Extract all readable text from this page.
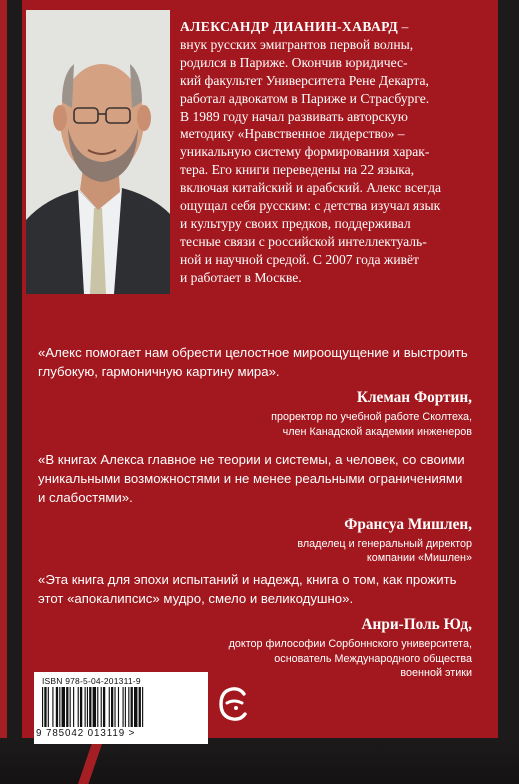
АЛЕКСАНДР ДИАНИН-ХАВАРД –
внук русских эмигрантов первой волны,
родился в Париже. Окончив юридичес-
кий факультет Университета Рене Декарта,
работал адвокатом в Париже и Страсбурге.
В 1989 году начал развивать авторскую
методику «Нравственное лидерство» –
уникальную систему формирования харак-
тера. Его книги переведены на 22 языка,
включая китайский и арабский. Алекс всегда
ощущал себя русским: с детства изучал язык
и культуру своих предков, поддерживал
тесные связи с российской интеллектуаль-
ной и научной средой. С 2007 года живёт
и работает в Москве.

«Алекс помогает нам обрести целостное мироощущение и выстроить
глубокую, гармоничную картину мира».

Клеман Фортин,
проректор по учебной работе Сколтеха,
член Канадской академии инженеров

«В книгах Алекса главное не теории и системы, а человек, со своими
уникальными возможностями и не менее реальными ограничениями
и слабостями».

Франсуа Мишлен,
владелец и генеральный директор
компании «Мишлен»

«Эта книга для эпохи испытаний и надежд, книга о том, как прожить
этот «апокалипсис» мудро, смело и великодушно».

Анри-Поль Юд,
доктор философии Сорбоннского университета,
основатель Международного общества
военной этики
ISBN 978-5-04-201311-9
9 785042 013119 >
